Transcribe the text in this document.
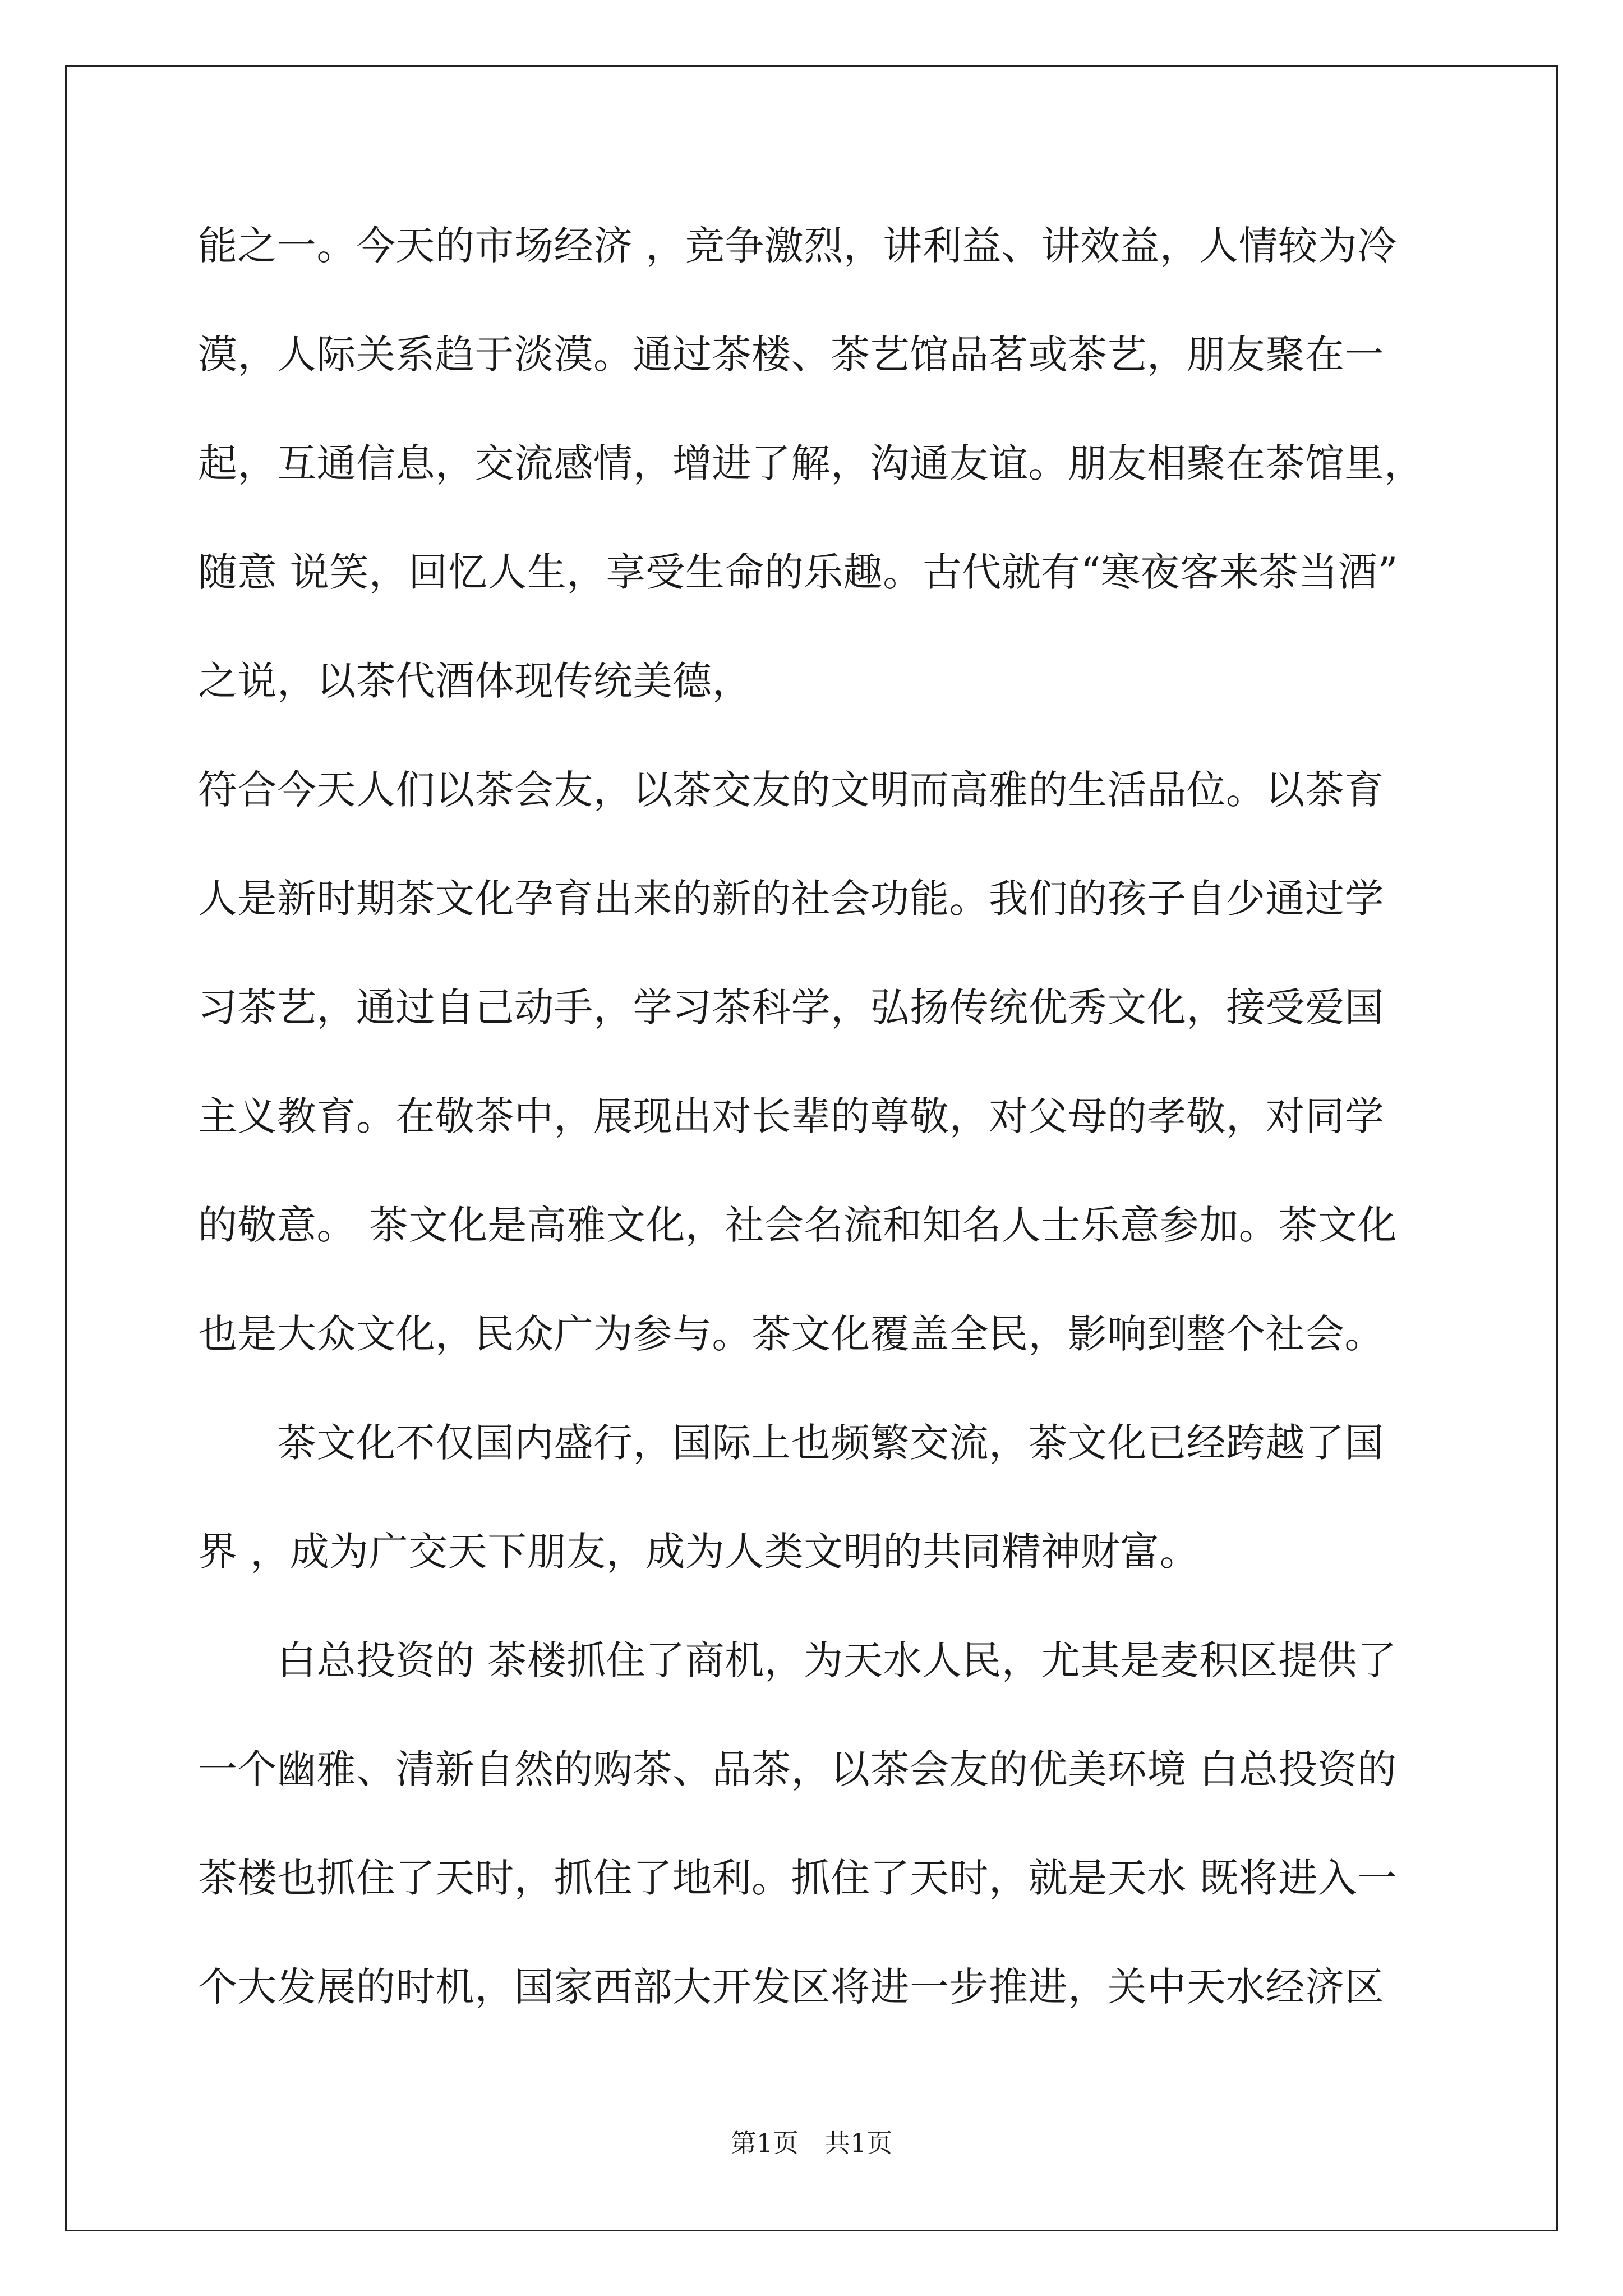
能之一。今天的市场经济 ，竞争激烈，讲利益、讲效益，人情较为冷
漠，人际关系趋于淡漠。通过茶楼、茶艺馆品茗或茶艺，朋友聚在一
起，互通信息，交流感情，增进了解，沟通友谊。朋友相聚在茶馆里，
随意 说笑，回忆人生，享受生命的乐趣。古代就有“寒夜客来茶当酒”
之说，以茶代酒体现传统美德，
符合今天人们以茶会友，以茶交友的文明而高雅的生活品位。以茶育
人是新时期茶文化孕育出来的新的社会功能。我们的孩子自少通过学
习茶艺，通过自己动手，学习茶科学，弘扬传统优秀文化，接受爱国
主义教育。在敬茶中，展现出对长辈的尊敬，对父母的孝敬，对同学
的敬意。 茶文化是高雅文化，社会名流和知名人士乐意参加。茶文化
也是大众文化，民众广为参与。茶文化覆盖全民，影响到整个社会。
　　茶文化不仅国内盛行，国际上也频繁交流，茶文化已经跨越了国
界 ，成为广交天下朋友，成为人类文明的共同精神财富。
　　白总投资的 茶楼抓住了商机，为天水人民，尤其是麦积区提供了
一个幽雅、清新自然的购茶、品茶，以茶会友的优美环境 白总投资的
茶楼也抓住了天时，抓住了地利。抓住了天时，就是天水 既将进入一
个大发展的时机，国家西部大开发区将进一步推进，关中天水经济区
第1页　共1页
